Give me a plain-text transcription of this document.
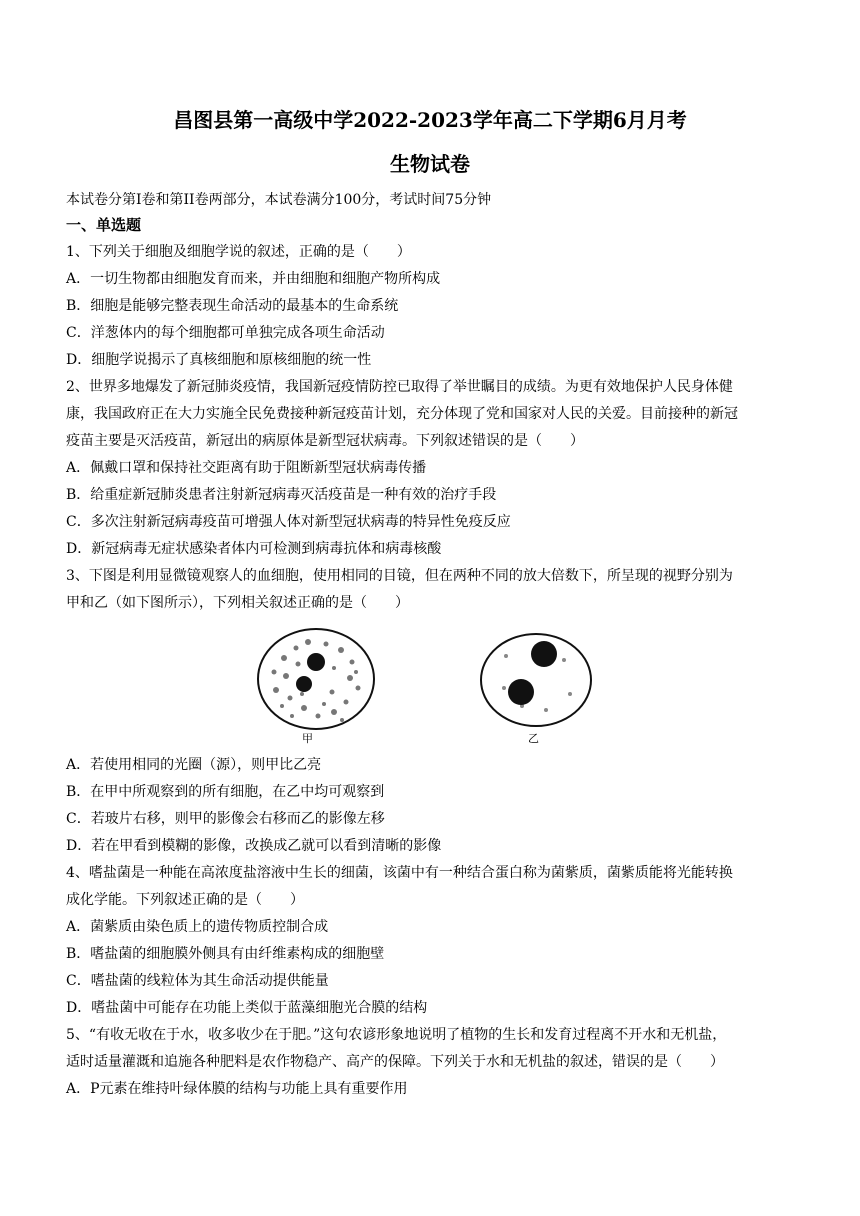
昌图县第一高级中学2022-2023学年高二下学期6月月考
生物试卷
本试卷分第I卷和第II卷两部分，本试卷满分100分，考试时间75分钟
一、单选题
1、下列关于细胞及细胞学说的叙述，正确的是（　　）
A．一切生物都由细胞发育而来，并由细胞和细胞产物所构成
B．细胞是能够完整表现生命活动的最基本的生命系统
C．洋葱体内的每个细胞都可单独完成各项生命活动
D．细胞学说揭示了真核细胞和原核细胞的统一性
2、世界多地爆发了新冠肺炎疫情，我国新冠疫情防控已取得了举世瞩目的成绩。为更有效地保护人民身体健
康，我国政府正在大力实施全民免费接种新冠疫苗计划，充分体现了党和国家对人民的关爱。目前接种的新冠
疫苗主要是灭活疫苗，新冠出的病原体是新型冠状病毒。下列叙述错误的是（　　）
A．佩戴口罩和保持社交距离有助于阻断新型冠状病毒传播
B．给重症新冠肺炎患者注射新冠病毒灭活疫苗是一种有效的治疗手段
C．多次注射新冠病毒疫苗可增强人体对新型冠状病毒的特异性免疫反应
D．新冠病毒无症状感染者体内可检测到病毒抗体和病毒核酸
3、下图是利用显微镜观察人的血细胞，使用相同的目镜，但在两种不同的放大倍数下，所呈现的视野分别为
甲和乙（如下图所示），下列相关叙述正确的是（　　）
甲	乙
A．若使用相同的光圈（源），则甲比乙亮
B．在甲中所观察到的所有细胞，在乙中均可观察到
C．若玻片右移，则甲的影像会右移而乙的影像左移
D．若在甲看到模糊的影像，改换成乙就可以看到清晰的影像
4、嗜盐菌是一种能在高浓度盐溶液中生长的细菌，该菌中有一种结合蛋白称为菌紫质，菌紫质能将光能转换
成化学能。下列叙述正确的是（　　）
A．菌紫质由染色质上的遗传物质控制合成
B．嗜盐菌的细胞膜外侧具有由纤维素构成的细胞壁
C．嗜盐菌的线粒体为其生命活动提供能量
D．嗜盐菌中可能存在功能上类似于蓝藻细胞光合膜的结构
5、“有收无收在于水，收多收少在于肥。”这句农谚形象地说明了植物的生长和发育过程离不开水和无机盐，
适时适量灌溉和追施各种肥料是农作物稳产、高产的保障。下列关于水和无机盐的叙述，错误的是（　　）
A．P元素在维持叶绿体膜的结构与功能上具有重要作用
